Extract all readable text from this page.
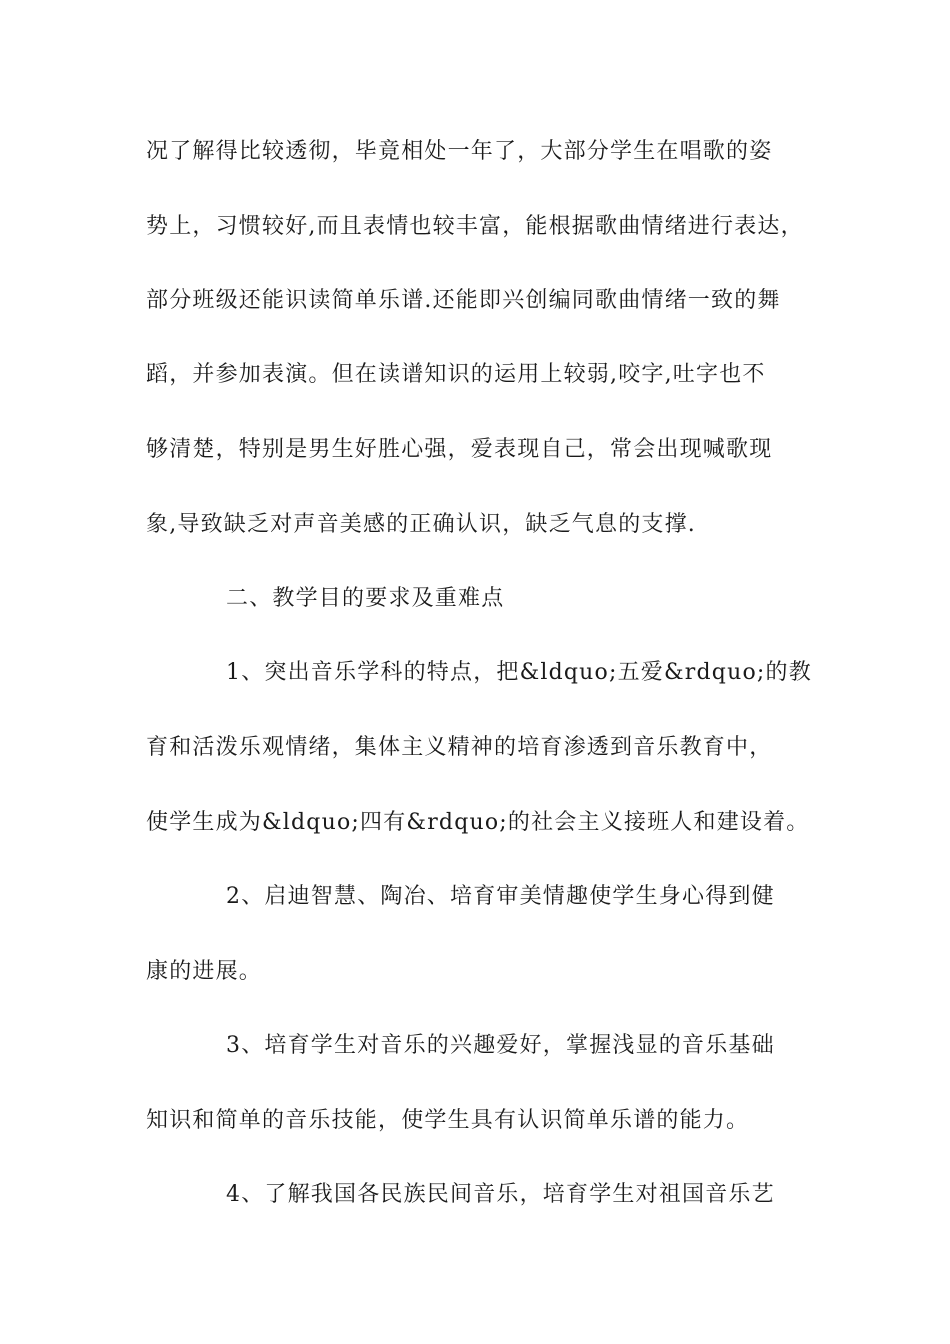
况了解得比较透彻，毕竟相处一年了，大部分学生在唱歌的姿
势上，习惯较好,而且表情也较丰富，能根据歌曲情绪进行表达，
部分班级还能识读简单乐谱.还能即兴创编同歌曲情绪一致的舞
蹈，并参加表演。但在读谱知识的运用上较弱,咬字,吐字也不
够清楚，特别是男生好胜心强，爱表现自己，常会出现喊歌现
象,导致缺乏对声音美感的正确认识，缺乏气息的支撑.
二、教学目的要求及重难点
1、突出音乐学科的特点，把&ldquo;五爱&rdquo;的教
育和活泼乐观情绪，集体主义精神的培育渗透到音乐教育中，
使学生成为&ldquo;四有&rdquo;的社会主义接班人和建设着。
2、启迪智慧、陶冶、培育审美情趣使学生身心得到健
康的进展。
3、培育学生对音乐的兴趣爱好，掌握浅显的音乐基础
知识和简单的音乐技能，使学生具有认识简单乐谱的能力。
4、了解我国各民族民间音乐，培育学生对祖国音乐艺
